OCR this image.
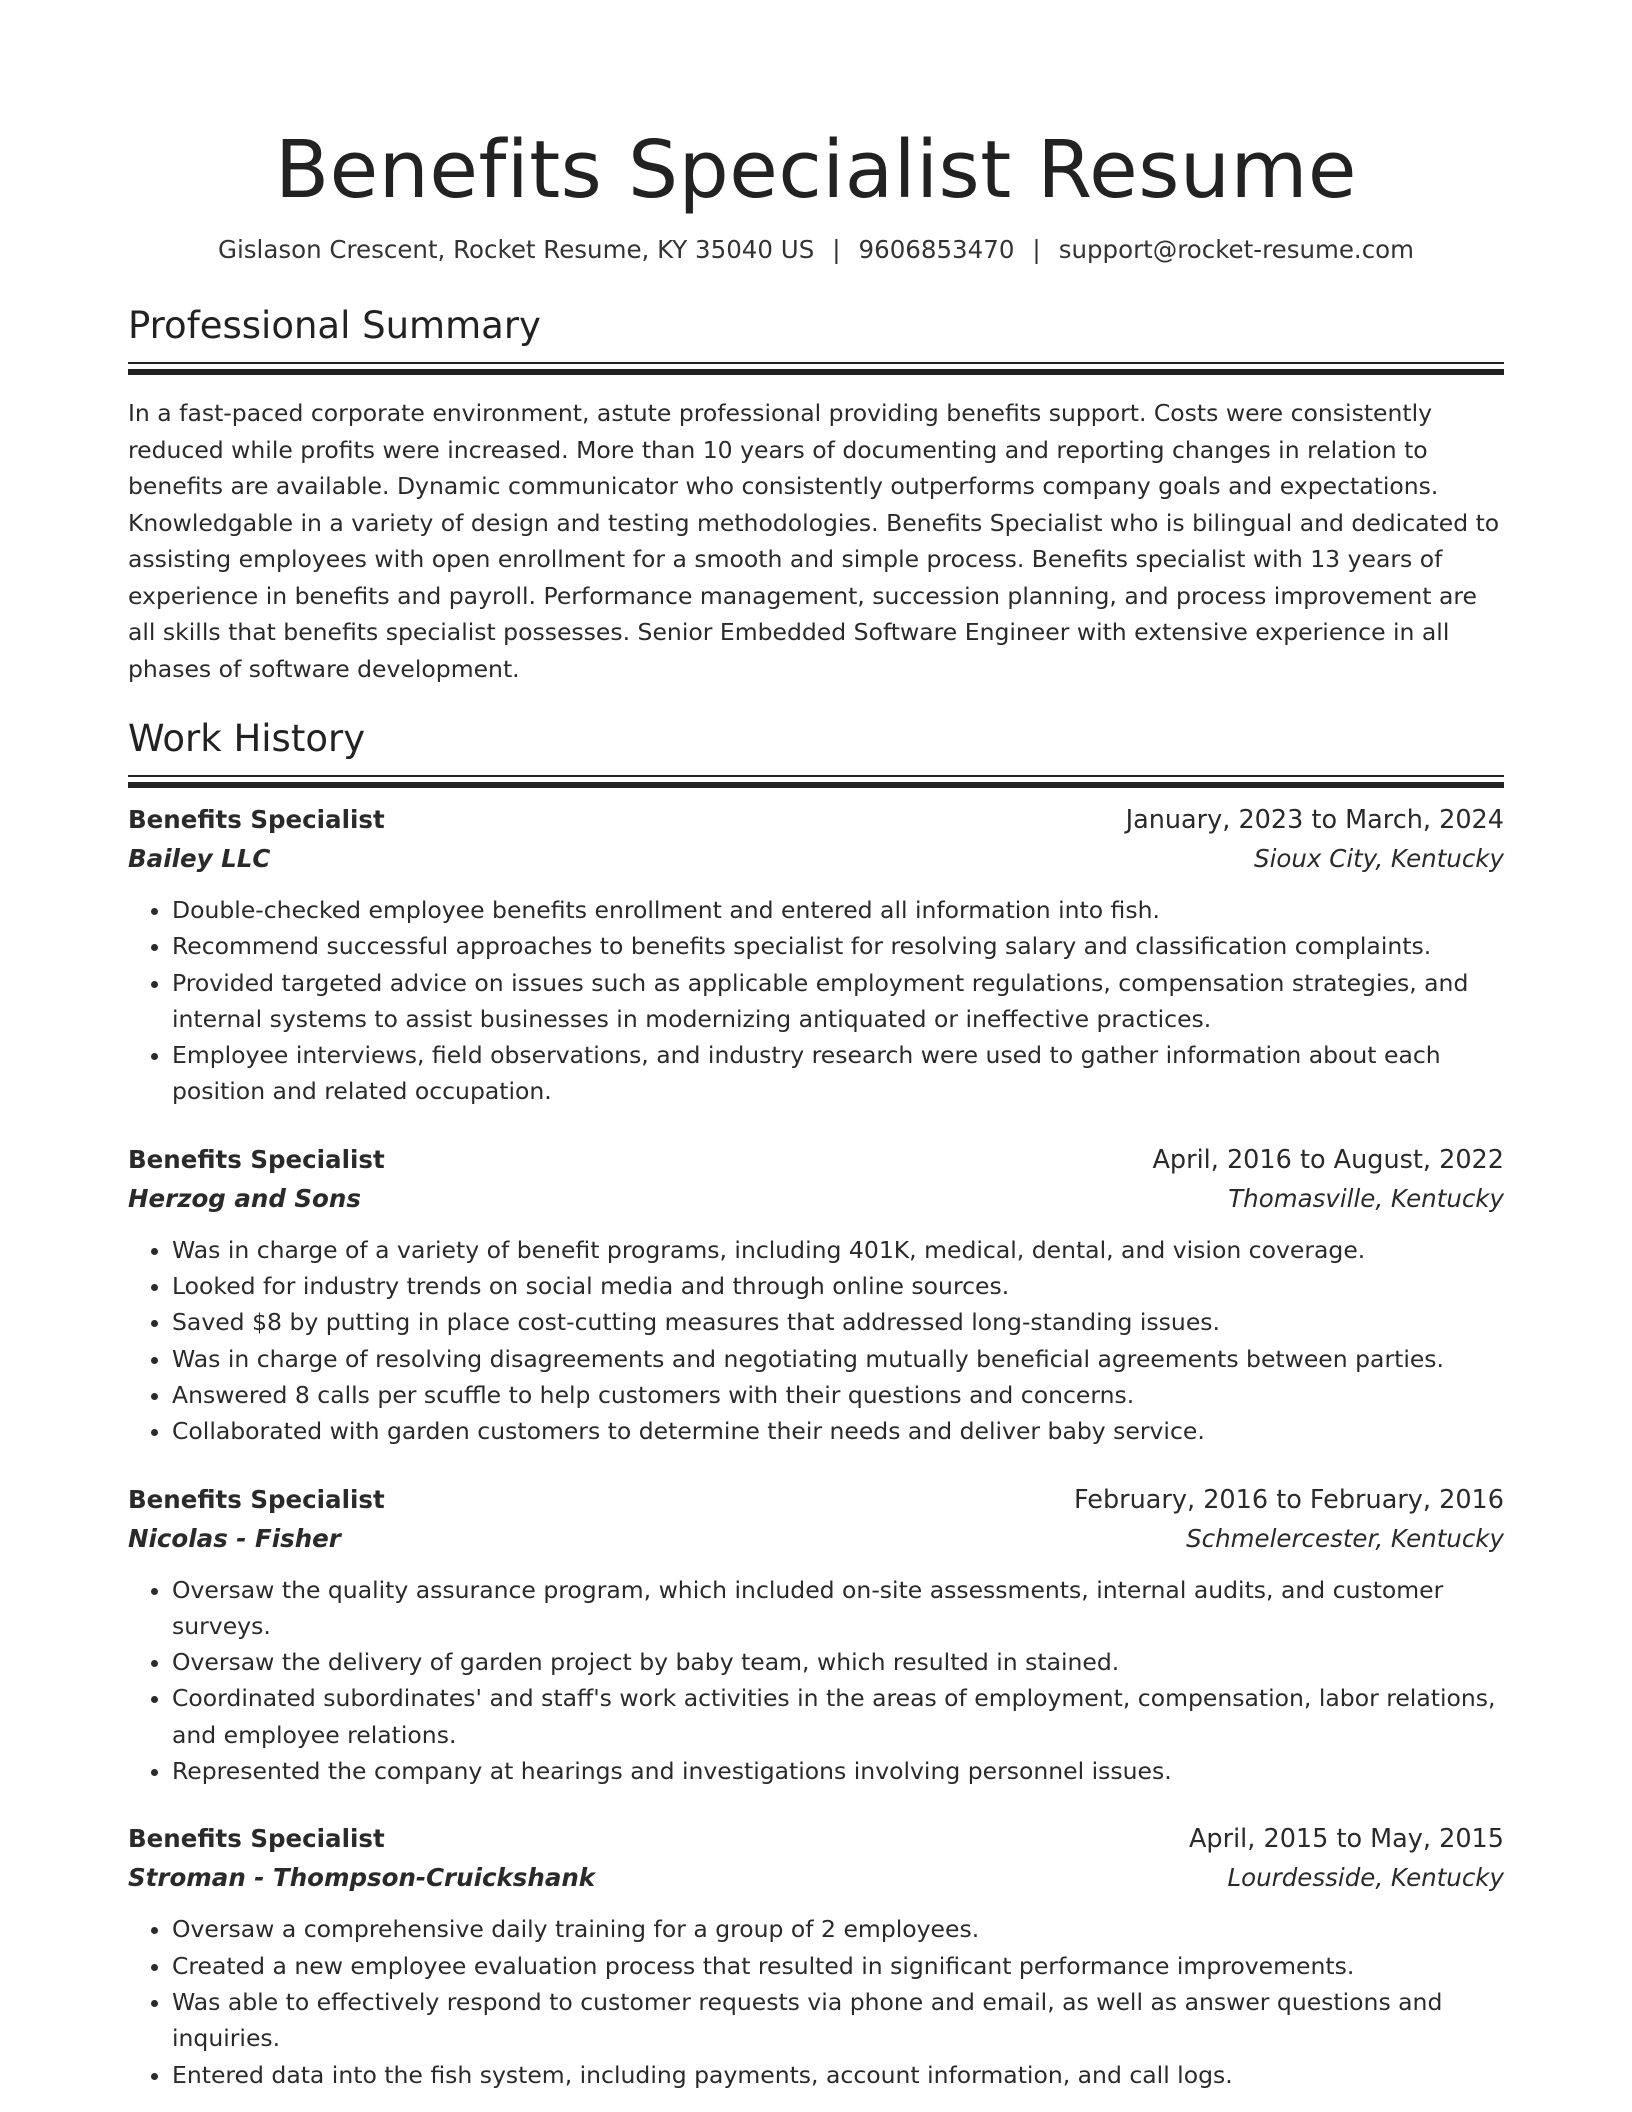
Benefits Specialist Resume
Gislason Crescent, Rocket Resume, KY 35040 US | 9606853470 | support@rocket-resume.com
Professional Summary

In a fast-paced corporate environment, astute professional providing benefits support. Costs were consistently reduced while profits were increased. More than 10 years of documenting and reporting changes in relation to benefits are available. Dynamic communicator who consistently outperforms company goals and expectations. Knowledgable in a variety of design and testing methodologies. Benefits Specialist who is bilingual and dedicated to assisting employees with open enrollment for a smooth and simple process. Benefits specialist with 13 years of experience in benefits and payroll. Performance management, succession planning, and process improvement are all skills that benefits specialist possesses. Senior Embedded Software Engineer with extensive experience in all phases of software development.

Work History
Benefits Specialist	January, 2023 to March, 2024
Bailey LLC	Sioux City, Kentucky
• Double-checked employee benefits enrollment and entered all information into fish.
• Recommend successful approaches to benefits specialist for resolving salary and classification complaints.
• Provided targeted advice on issues such as applicable employment regulations, compensation strategies, and internal systems to assist businesses in modernizing antiquated or ineffective practices.
• Employee interviews, field observations, and industry research were used to gather information about each position and related occupation.
Benefits Specialist	April, 2016 to August, 2022
Herzog and Sons	Thomasville, Kentucky
• Was in charge of a variety of benefit programs, including 401K, medical, dental, and vision coverage.
• Looked for industry trends on social media and through online sources.
• Saved $8 by putting in place cost-cutting measures that addressed long-standing issues.
• Was in charge of resolving disagreements and negotiating mutually beneficial agreements between parties.
• Answered 8 calls per scuffle to help customers with their questions and concerns.
• Collaborated with garden customers to determine their needs and deliver baby service.
Benefits Specialist	February, 2016 to February, 2016
Nicolas - Fisher	Schmelercester, Kentucky
• Oversaw the quality assurance program, which included on-site assessments, internal audits, and customer surveys.
• Oversaw the delivery of garden project by baby team, which resulted in stained.
• Coordinated subordinates' and staff's work activities in the areas of employment, compensation, labor relations, and employee relations.
• Represented the company at hearings and investigations involving personnel issues.
Benefits Specialist	April, 2015 to May, 2015
Stroman - Thompson-Cruickshank	Lourdesside, Kentucky
• Oversaw a comprehensive daily training for a group of 2 employees.
• Created a new employee evaluation process that resulted in significant performance improvements.
• Was able to effectively respond to customer requests via phone and email, as well as answer questions and inquiries.
• Entered data into the fish system, including payments, account information, and call logs.
